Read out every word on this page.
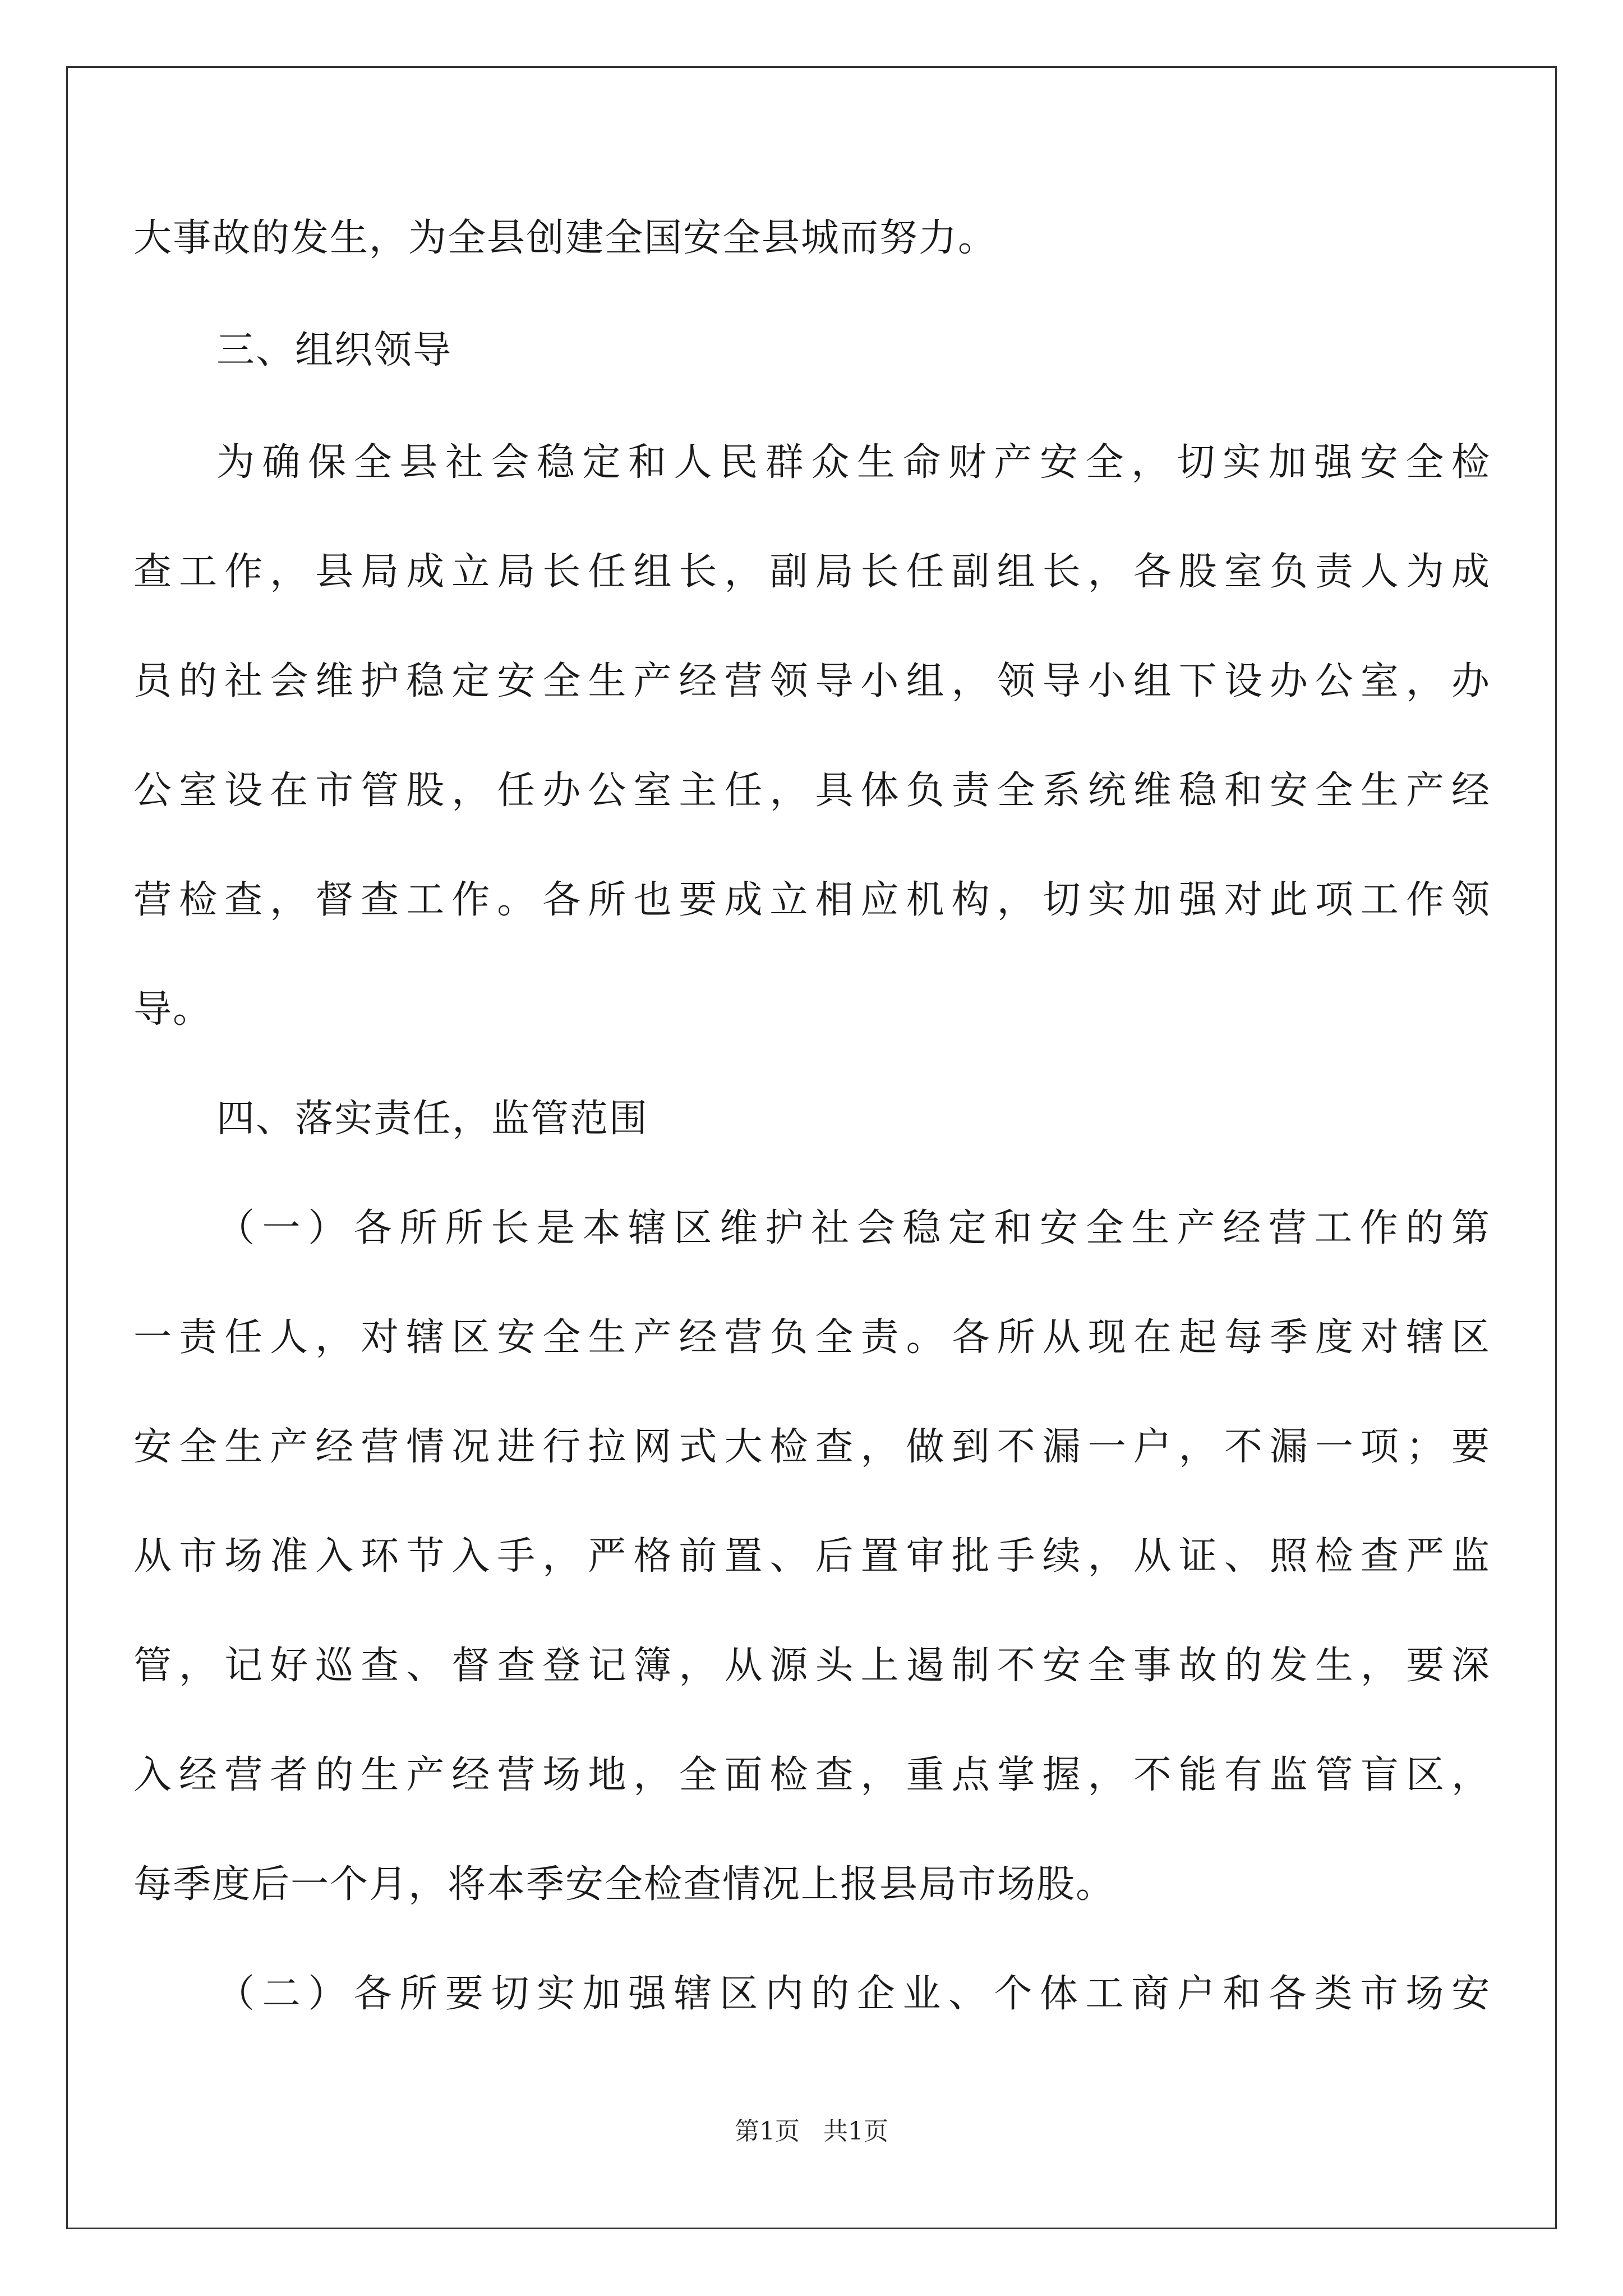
大事故的发生，为全县创建全国安全县城而努力。
三、组织领导
为确保全县社会稳定和人民群众生命财产安全，切实加强安全检
查工作，县局成立局长任组长，副局长任副组长，各股室负责人为成
员的社会维护稳定安全生产经营领导小组，领导小组下设办公室，办
公室设在市管股，任办公室主任，具体负责全系统维稳和安全生产经
营检查，督查工作。各所也要成立相应机构，切实加强对此项工作领
导。
四、落实责任，监管范围
（一）各所所长是本辖区维护社会稳定和安全生产经营工作的第
一责任人，对辖区安全生产经营负全责。各所从现在起每季度对辖区
安全生产经营情况进行拉网式大检查，做到不漏一户，不漏一项；要
从市场准入环节入手，严格前置、后置审批手续，从证、照检查严监
管，记好巡查、督查登记簿，从源头上遏制不安全事故的发生，要深
入经营者的生产经营场地，全面检查，重点掌握，不能有监管盲区，
每季度后一个月，将本季安全检查情况上报县局市场股。
（二）各所要切实加强辖区内的企业、个体工商户和各类市场安
第1页 共1页
